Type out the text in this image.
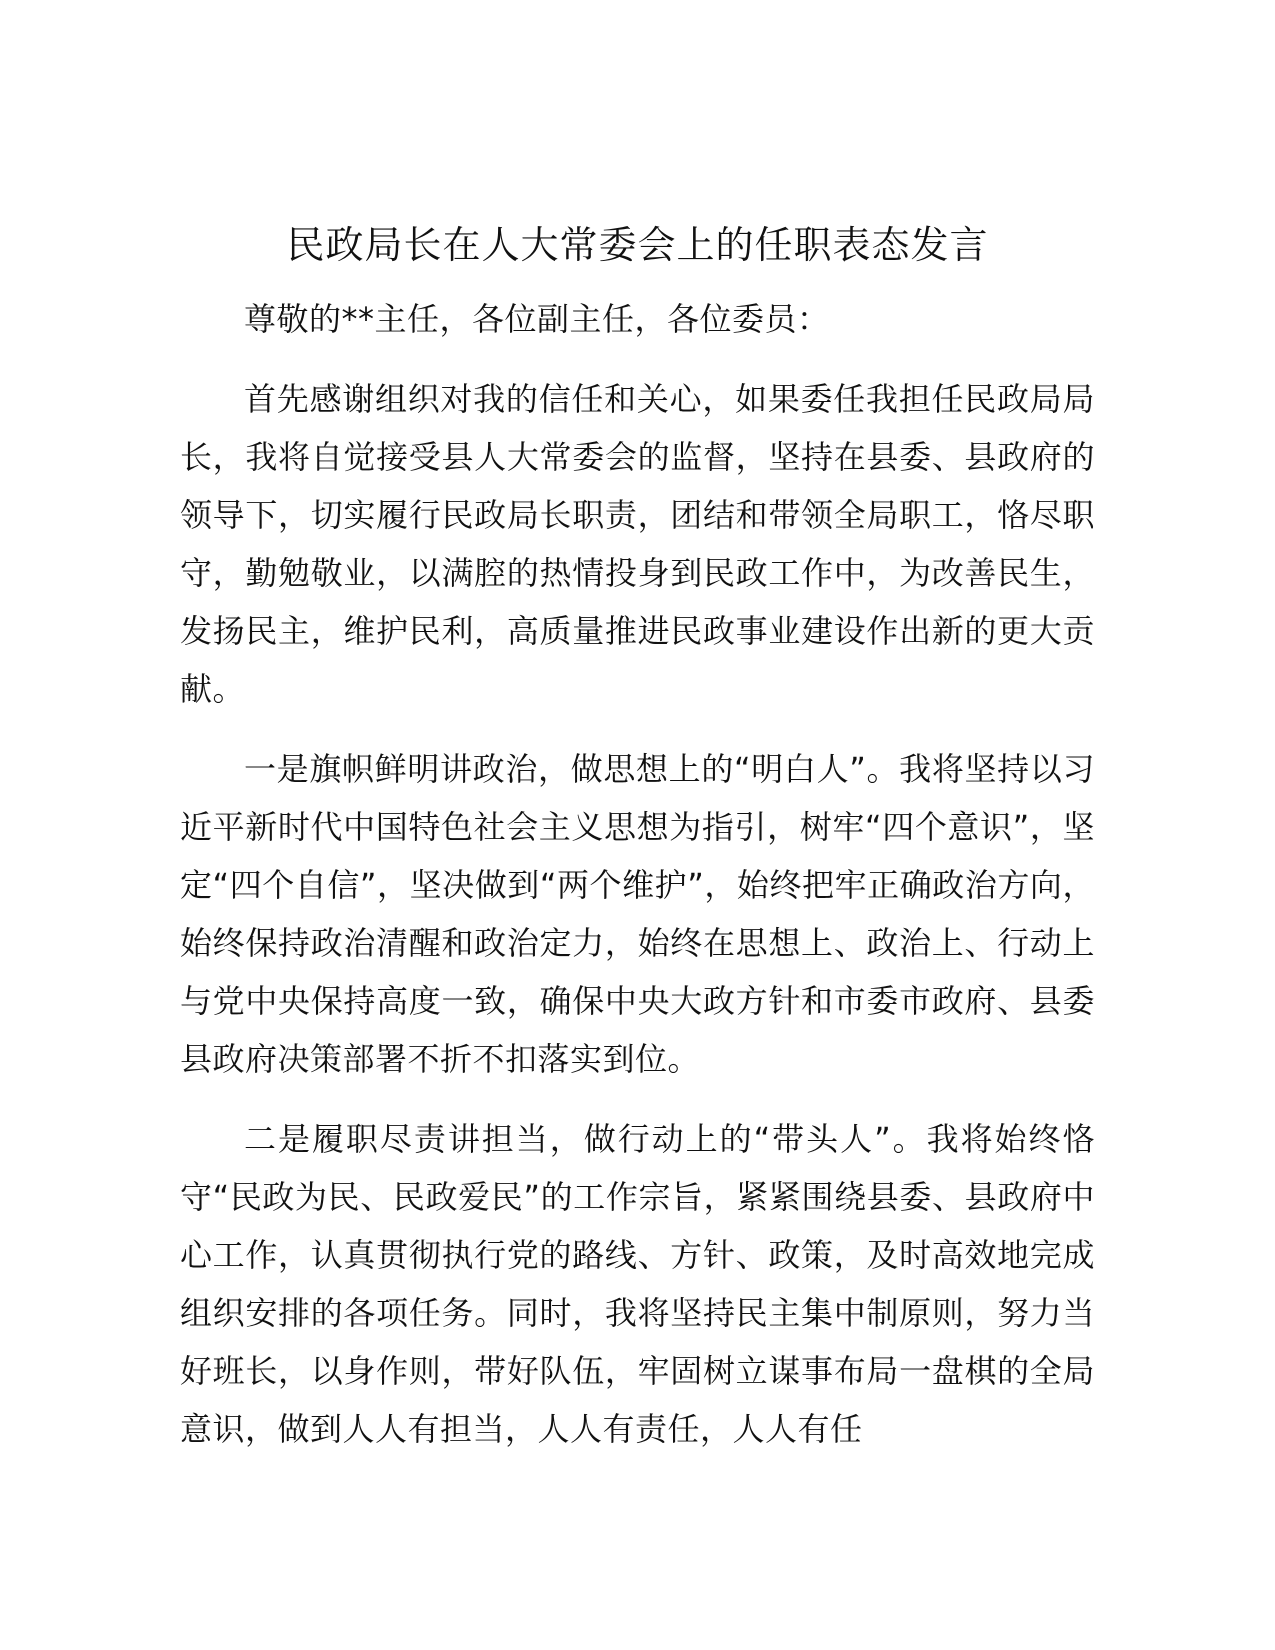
民政局长在人大常委会上的任职表态发言

尊敬的**主任，各位副主任，各位委员：

首先感谢组织对我的信任和关心，如果委任我担任民政局局长，我将自觉接受县人大常委会的监督，坚持在县委、县政府的领导下，切实履行民政局长职责，团结和带领全局职工，恪尽职守，勤勉敬业，以满腔的热情投身到民政工作中，为改善民生，发扬民主，维护民利，高质量推进民政事业建设作出新的更大贡献。

一是旗帜鲜明讲政治，做思想上的“明白人”。我将坚持以习近平新时代中国特色社会主义思想为指引，树牢“四个意识”，坚定“四个自信”，坚决做到“两个维护”，始终把牢正确政治方向，始终保持政治清醒和政治定力，始终在思想上、政治上、行动上与党中央保持高度一致，确保中央大政方针和市委市政府、县委县政府决策部署不折不扣落实到位。

二是履职尽责讲担当，做行动上的“带头人”。我将始终恪守“民政为民、民政爱民”的工作宗旨，紧紧围绕县委、县政府中心工作，认真贯彻执行党的路线、方针、政策，及时高效地完成组织安排的各项任务。同时，我将坚持民主集中制原则，努力当好班长，以身作则，带好队伍，牢固树立谋事布局一盘棋的全局意识，做到人人有担当，人人有责任，人人有任
